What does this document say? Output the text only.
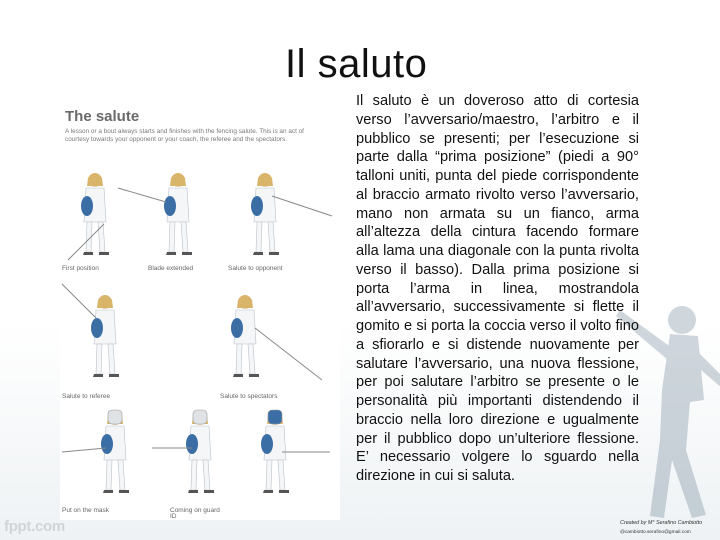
Il saluto
Il saluto è un doveroso atto di cortesia verso l’avversario/maestro, l’arbitro e il pubblico se presenti; per l’esecuzione si parte dalla “prima posizione” (piedi a 90° talloni uniti, punta del piede corrispondente al braccio armato rivolto verso l’avversario, mano non armata su un fianco, arma all’altezza della cintura facendo formare alla lama una diagonale con la punta rivolta verso il basso). Dalla prima posizione si porta l’arma in linea, mostrandola all’avversario, successivamente si flette il gomito e si porta la coccia verso il volto fino a sfiorarlo e si distende nuovamente per salutare l’avversario, una nuova flessione, per poi salutare l’arbitro se presente o le personalità più importanti distendendo il braccio nella loro direzione e ugualmente per il pubblico dopo un’ulteriore flessione. E’ necessario volgere lo sguardo nella direzione in cui si saluta.
The salute
A lesson or a bout always starts and finishes with the fencing salute. This is an act of courtesy towards your opponent or your coach, the referee and the spectators.
First position	Blade extended	Salute to opponent
Salute to referee	Salute to spectators
Put on the mask	Coming on guard
ID
Created by M° Serafino Cambiotto
@cambiotto.serafino@gmail.com
fppt.com
